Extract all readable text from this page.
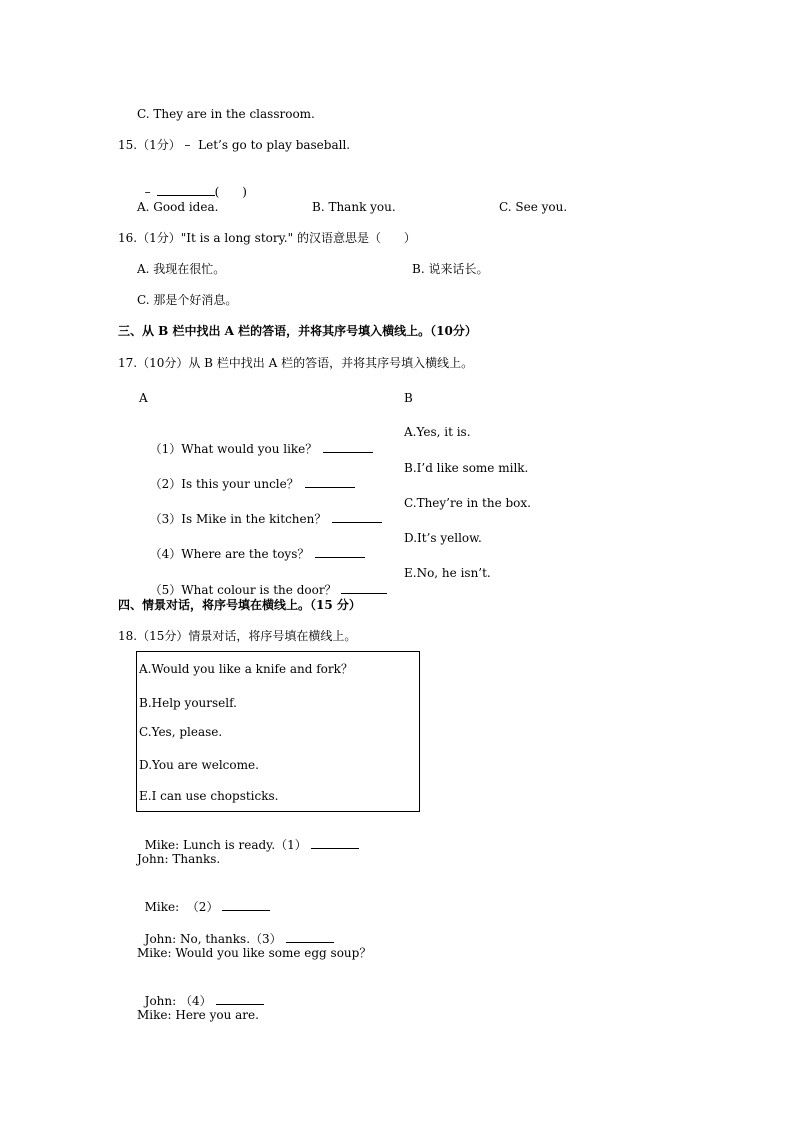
C. They are in the classroom.
15.（1分） –  Let’s go to play baseball.

–	(      )

A. Good idea.	B. Thank you.	C. See you.
16.（1分）"It is a long story." 的汉语意思是（      ）
A. 我现在很忙。	B. 说来话长。
C. 那是个好消息。
三、从 B 栏中找出 A 栏的答语，并将其序号填入横线上。（10分）
17.（10分）从 B 栏中找出 A 栏的答语，并将其序号填入横线上。
A	B

（1）What would you like？

A.Yes, it is.

（2）Is this your uncle？

B.I’d like some milk.

（3）Is Mike in the kitchen？

C.They’re in the box.

（4）Where are the toys？

D.It’s yellow.

（5）What colour is the door？

E.No, he isn’t.
四、情景对话，将序号填在横线上。（15 分）
18.（15分）情景对话，将序号填在横线上。
A.Would you like a knife and fork？
B.Help yourself.
C.Yes, please.
D.You are welcome.
E.I can use chopsticks.

Mike: Lunch is ready.（1）

John: Thanks.

Mike:  （2）

John: No, thanks.（3）

Mike: Would you like some egg soup？

John: （4）

Mike: Here you are.
